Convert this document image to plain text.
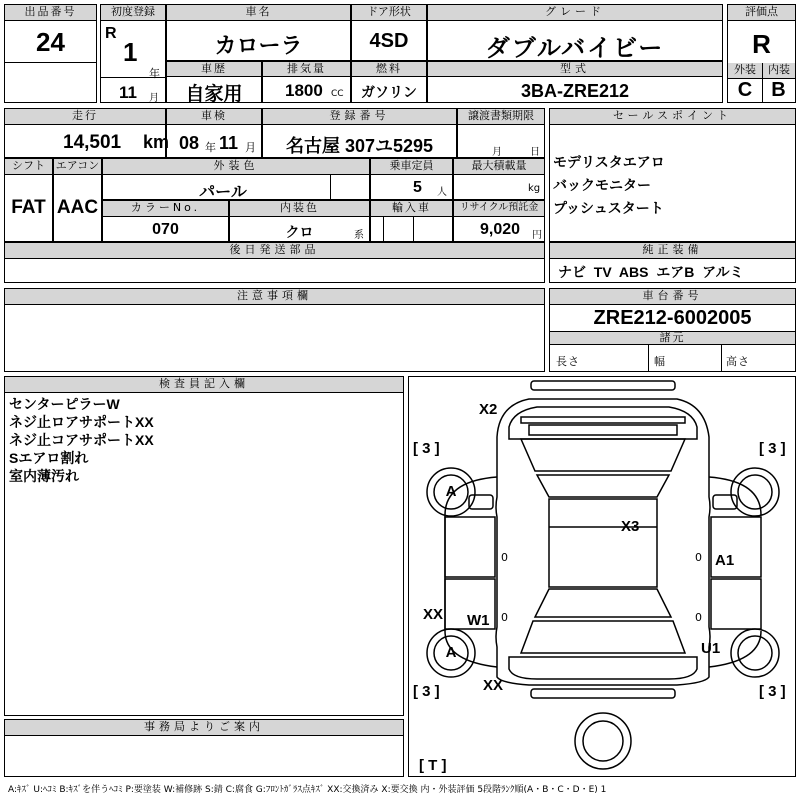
出品番号
24
初度登録
R
1
年
11 月
車名
カローラ
ドア形状
4SD
グレード
ダブルバイビー
評価点
R
外装	内装
C B
車歴
自家用
排気量
1800 CC
燃料
ガソリン
型式
3BA-ZRE212
走行
14,501 km
車検
08 年 11 月
登録番号
名古屋 307ユ5295
譲渡書類期限
月	日
セールスポイント
モデリスタエアロ
バックモニター
プッシュスタート
シフト
FAT
エアコン
AAC
外装色
パール
乗車定員
5 人
最大積載量
kg
カラーNo.
070
内装色
クロ	系
輸入車	リサイクル預託金
9,020 円
後日発送部品	純正装備
ナビ  TV  ABS  エアB  アルミ
注意事項欄	車台番号
ZRE212-6002005
諸元
長さ	幅	高さ
検査員記入欄
センターピラーW
ネジ止ロアサポートXX
ネジ止コアサポートXX
Sエアロ割れ
室内薄汚れ
事務局よりご案内
X2
X3
A1
W1
U1
XX
XX
A
A
[ 3 ]	[ 3 ]
[ 3 ]	[ 3 ]
[ T ]
0	0
0	0
A:ｷｽﾞ U:ﾍｺﾐ B:ｷｽﾞを伴うﾍｺﾐ P:要塗装 W:補修跡 S:錆 C:腐食 G:ﾌﾛﾝﾄｶﾞﾗｽ点ｷｽﾞ XX:交換済み X:要交換 内・外装評価 5段階ﾗﾝｸ順(A・B・C・D・E) 1
